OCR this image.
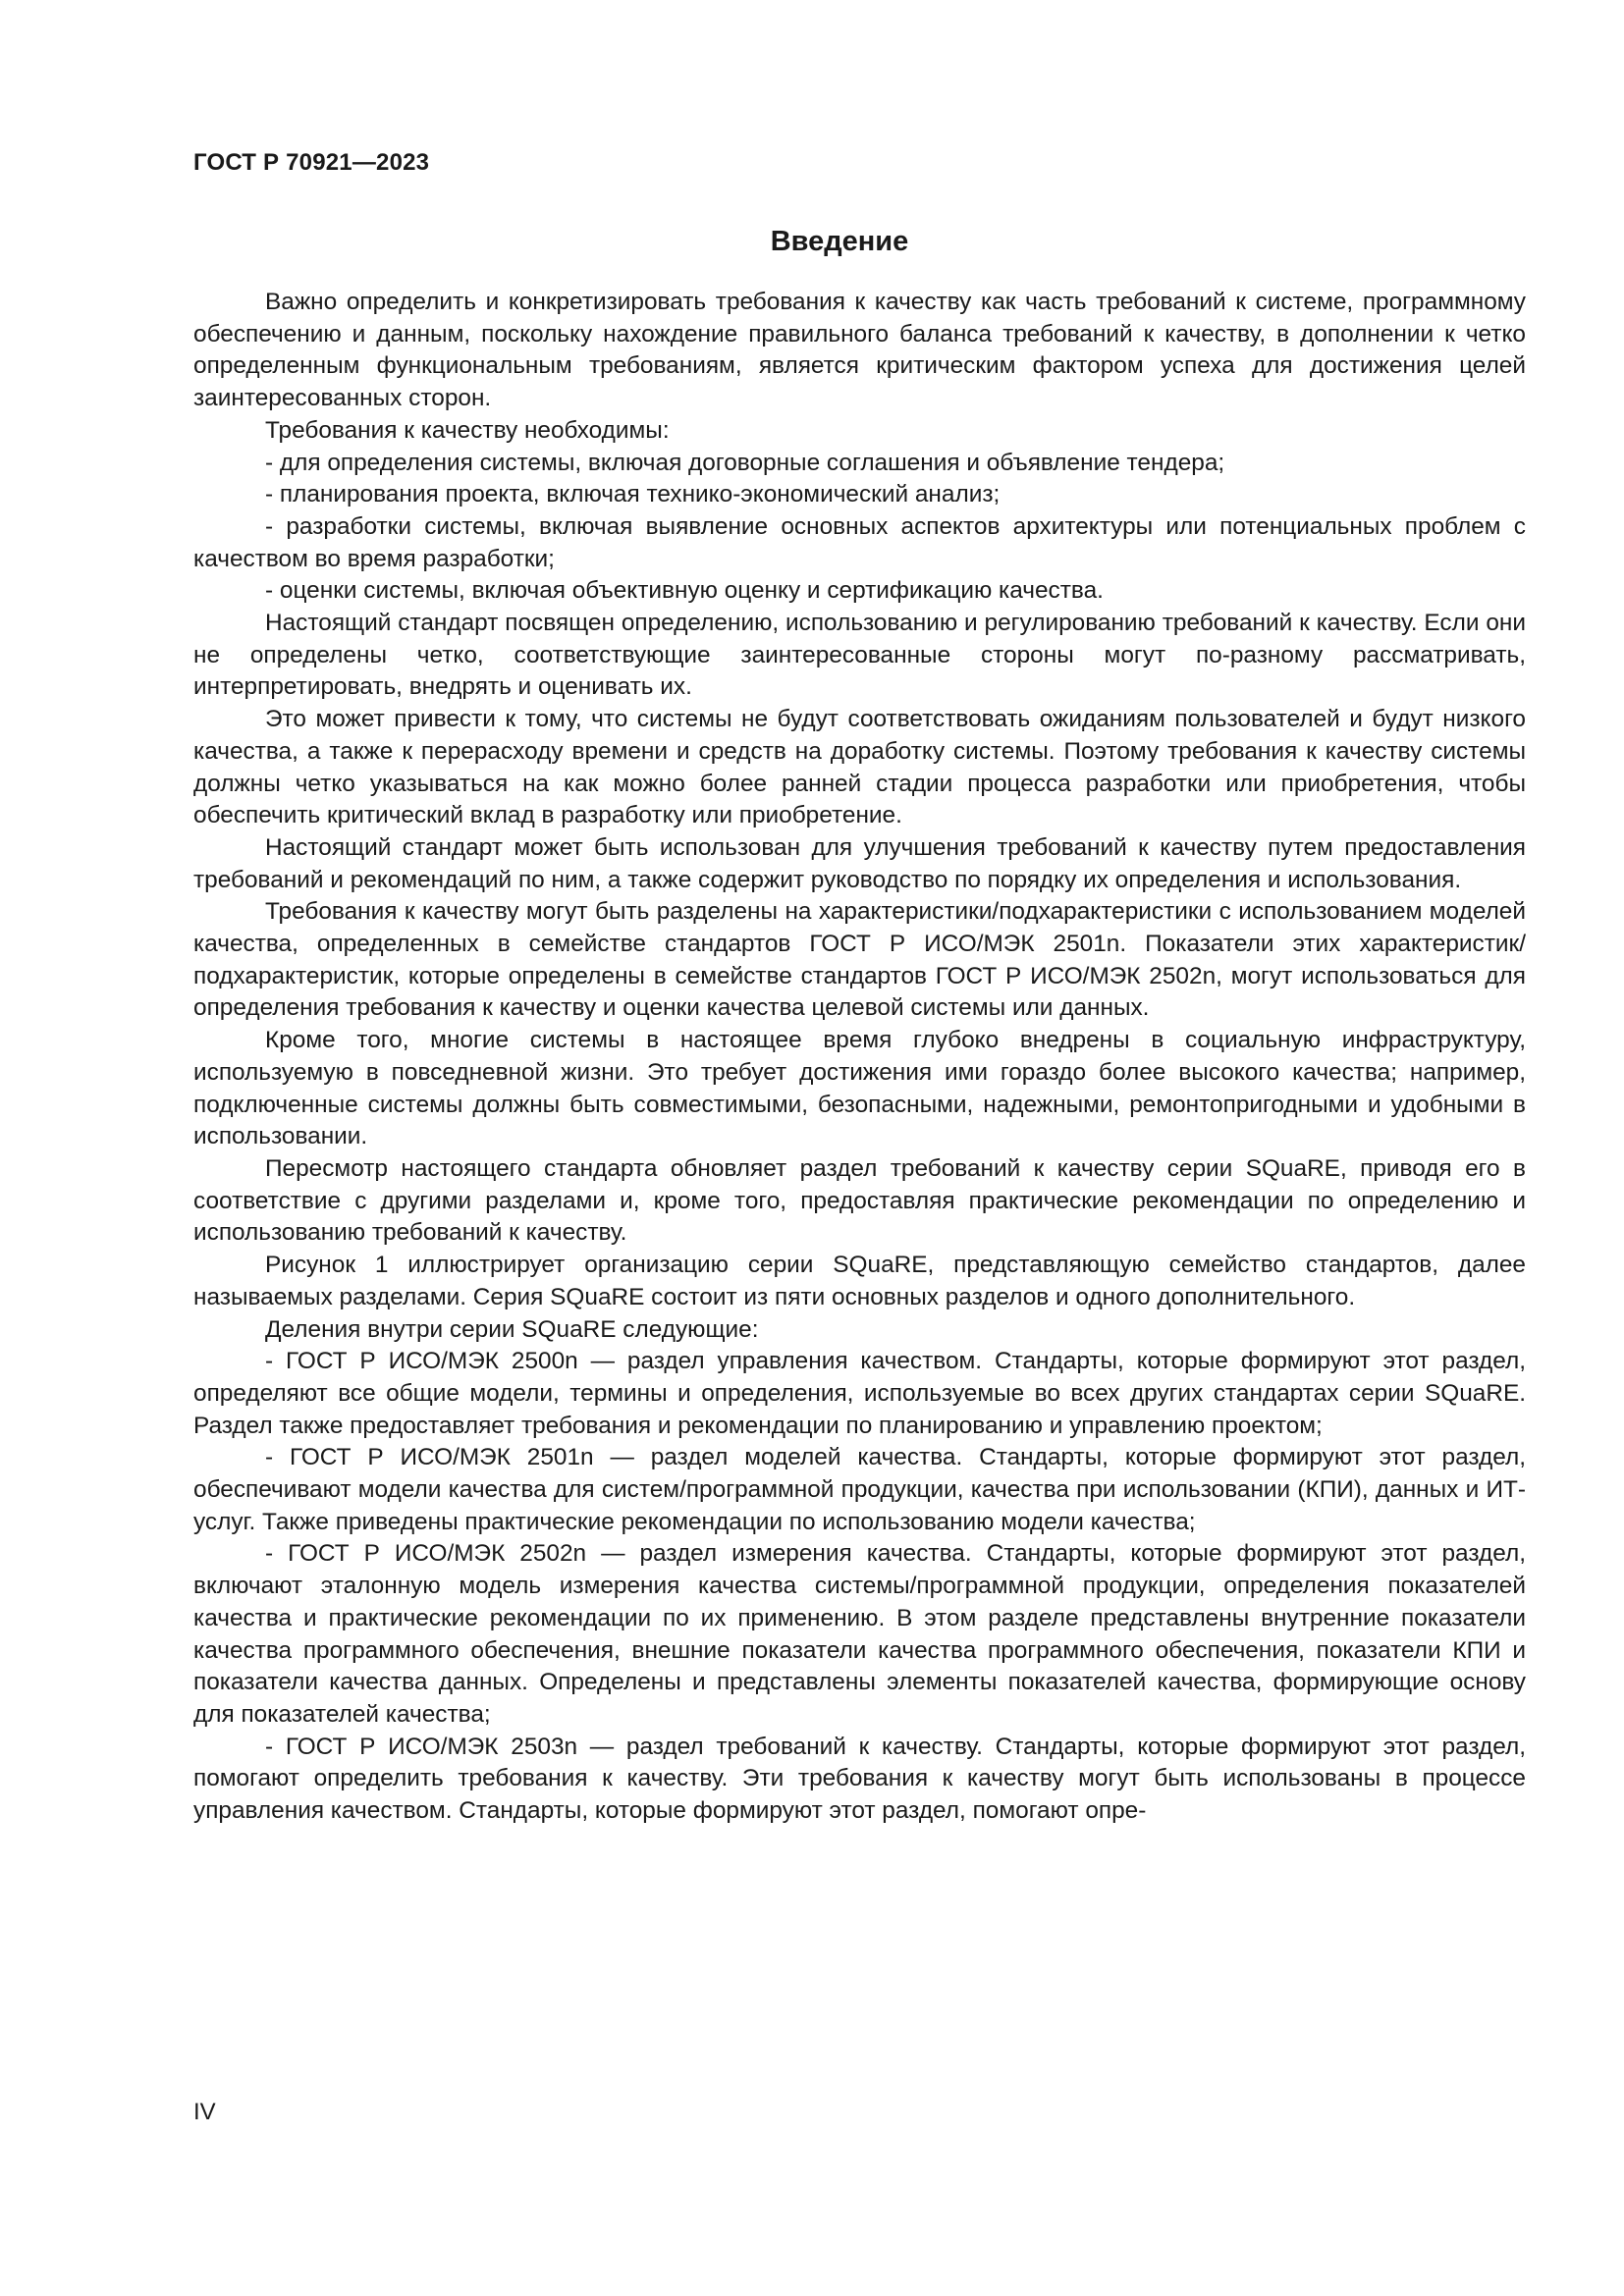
ГОСТ Р 70921—2023
Введение

Важно определить и конкретизировать требования к качеству как часть требований к системе, программному обеспечению и данным, поскольку нахождение правильного баланса требований к качеству, в дополнении к четко определенным функциональным требованиям, является критическим фактором успеха для достижения целей заинтересованных сторон.

Требования к качеству необходимы:

- для определения системы, включая договорные соглашения и объявление тендера;

- планирования проекта, включая технико-экономический анализ;

- разработки системы, включая выявление основных аспектов архитектуры или потенциальных проблем с качеством во время разработки;

- оценки системы, включая объективную оценку и сертификацию качества.

Настоящий стандарт посвящен определению, использованию и регулированию требований к качеству. Если они не определены четко, соответствующие заинтересованные стороны могут по-разному рассматривать, интерпретировать, внедрять и оценивать их.

Это может привести к тому, что системы не будут соответствовать ожиданиям пользователей и будут низкого качества, а также к перерасходу времени и средств на доработку системы. Поэтому требования к качеству системы должны четко указываться на как можно более ранней стадии процесса разработки или приобретения, чтобы обеспечить критический вклад в разработку или приобретение.

Настоящий стандарт может быть использован для улучшения требований к качеству путем предоставления требований и рекомендаций по ним, а также содержит руководство по порядку их определения и использования.

Требования к качеству могут быть разделены на характеристики/подхарактеристики с использованием моделей качества, определенных в семействе стандартов ГОСТ Р ИСО/МЭК 2501n. Показатели этих характеристик/подхарактеристик, которые определены в семействе стандартов ГОСТ Р ИСО/МЭК 2502n, могут использоваться для определения требования к качеству и оценки качества целевой системы или данных.

Кроме того, многие системы в настоящее время глубоко внедрены в социальную инфраструктуру, используемую в повседневной жизни. Это требует достижения ими гораздо более высокого качества; например, подключенные системы должны быть совместимыми, безопасными, надежными, ремонтопригодными и удобными в использовании.

Пересмотр настоящего стандарта обновляет раздел требований к качеству серии SQuaRE, приводя его в соответствие с другими разделами и, кроме того, предоставляя практические рекомендации по определению и использованию требований к качеству.

Рисунок 1 иллюстрирует организацию серии SQuaRE, представляющую семейство стандартов, далее называемых разделами. Серия SQuaRE состоит из пяти основных разделов и одного дополнительного.

Деления внутри серии SQuaRE следующие:

- ГОСТ Р ИСО/МЭК 2500n — раздел управления качеством. Стандарты, которые формируют этот раздел, определяют все общие модели, термины и определения, используемые во всех других стандартах серии SQuaRE. Раздел также предоставляет требования и рекомендации по планированию и управлению проектом;

- ГОСТ Р ИСО/МЭК 2501n — раздел моделей качества. Стандарты, которые формируют этот раздел, обеспечивают модели качества для систем/программной продукции, качества при использовании (КПИ), данных и ИТ-услуг. Также приведены практические рекомендации по использованию модели качества;

- ГОСТ Р ИСО/МЭК 2502n — раздел измерения качества. Стандарты, которые формируют этот раздел, включают эталонную модель измерения качества системы/программной продукции, определения показателей качества и практические рекомендации по их применению. В этом разделе представлены внутренние показатели качества программного обеспечения, внешние показатели качества программного обеспечения, показатели КПИ и показатели качества данных. Определены и представлены элементы показателей качества, формирующие основу для показателей качества;

- ГОСТ Р ИСО/МЭК 2503n — раздел требований к качеству. Стандарты, которые формируют этот раздел, помогают определить требования к качеству. Эти требования к качеству могут быть использованы в процессе управления качеством. Стандарты, которые формируют этот раздел, помогают опре-

IV
